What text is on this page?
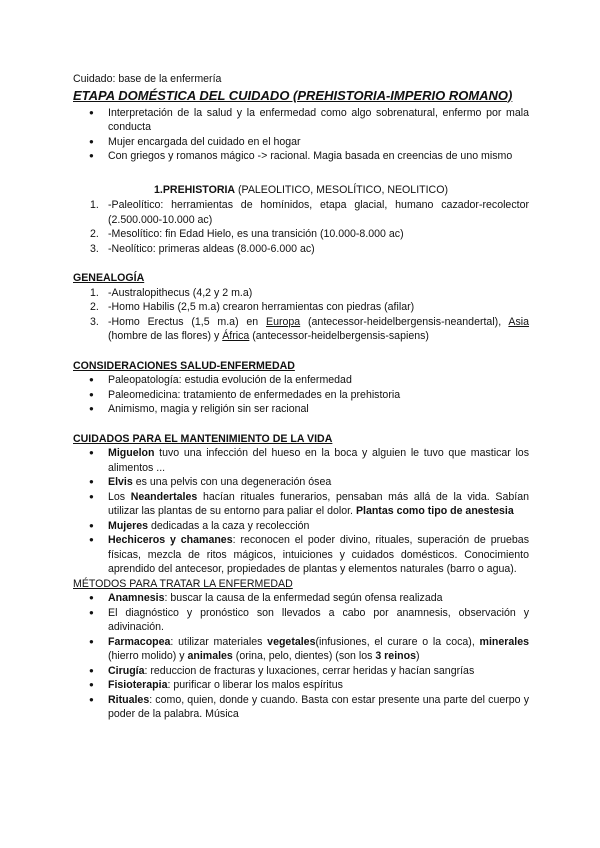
Cuidado: base de la enfermería
ETAPA DOMÉSTICA DEL CUIDADO (PREHISTORIA-IMPERIO ROMANO)
● Interpretación de la salud y la enfermedad como algo sobrenatural, enfermo por mala conducta
● Mujer encargada del cuidado en el hogar
● Con griegos y romanos mágico -> racional. Magia basada en creencias de uno mismo
1.PREHISTORIA (PALEOLITICO, MESOLÍTICO, NEOLITICO)
1. -Paleolítico: herramientas de homínidos, etapa glacial, humano cazador-recolector (2.500.000-10.000 ac)
2. -Mesolítico: fin Edad Hielo, es una transición (10.000-8.000 ac)
3. -Neolítico: primeras aldeas (8.000-6.000 ac)
GENEALOGÍA
1. -Australopithecus (4,2 y 2 m.a)
2. -Homo Habilis (2,5 m.a) crearon herramientas con piedras (afilar)
3. -Homo Erectus (1,5 m.a) en Europa (antecessor-heidelbergensis-neandertal), Asia (hombre de las flores) y África (antecessor-heidelbergensis-sapiens)
CONSIDERACIONES SALUD-ENFERMEDAD
● Paleopatología: estudia evolución de la enfermedad
● Paleomedicina: tratamiento de enfermedades en la prehistoria
● Animismo, magia y religión sin ser racional
CUIDADOS PARA EL MANTENIMIENTO DE LA VIDA
● Miguelon tuvo una infección del hueso en la boca y alguien le tuvo que masticar los alimentos ...
● Elvis es una pelvis con una degeneración ósea
● Los Neandertales hacían rituales funerarios, pensaban más allá de la vida. Sabían utilizar las plantas de su entorno para paliar el dolor. Plantas como tipo de anestesia
● Mujeres dedicadas a la caza y recolección
● Hechiceros y chamanes: reconocen el poder divino, rituales, superación de pruebas físicas, mezcla de ritos mágicos, intuiciones y cuidados domésticos. Conocimiento aprendido del antecesor, propiedades de plantas y elementos naturales (barro o agua).
MÉTODOS PARA TRATAR LA ENFERMEDAD
● Anamnesis: buscar la causa de la enfermedad según ofensa realizada
● El diagnóstico y pronóstico son llevados a cabo por anamnesis, observación y adivinación.
● Farmacopea: utilizar materiales vegetales(infusiones, el curare o la coca), minerales (hierro molido) y animales (orina, pelo, dientes) (son los 3 reinos)
● Cirugía: reduccion de fracturas y luxaciones, cerrar heridas y hacían sangrías
● Fisioterapia: purificar o liberar los malos espíritus
● Rituales: como, quien, donde y cuando. Basta con estar presente una parte del cuerpo y poder de la palabra. Música
